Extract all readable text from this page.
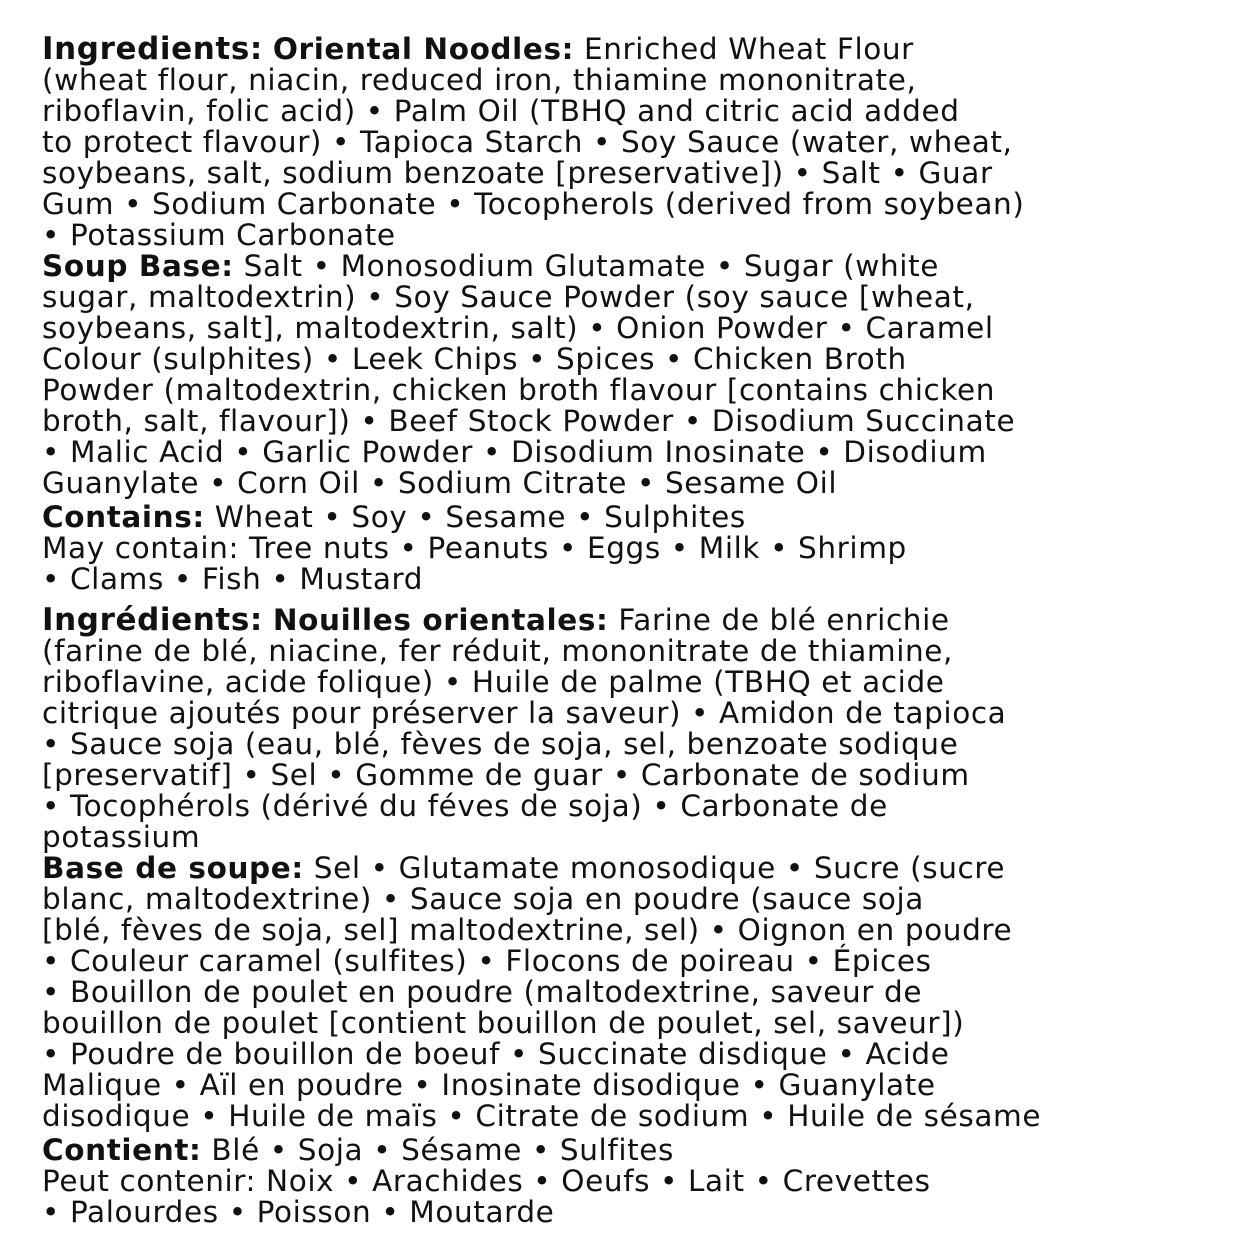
Ingredients: Oriental Noodles: Enriched Wheat Flour
(wheat flour, niacin, reduced iron, thiamine mononitrate,
riboflavin, folic acid) • Palm Oil (TBHQ and citric acid added
to protect flavour) • Tapioca Starch • Soy Sauce (water, wheat,
soybeans, salt, sodium benzoate [preservative]) • Salt • Guar
Gum • Sodium Carbonate • Tocopherols (derived from soybean)
• Potassium Carbonate

Soup Base: Salt • Monosodium Glutamate • Sugar (white
sugar, maltodextrin) • Soy Sauce Powder (soy sauce [wheat,
soybeans, salt], maltodextrin, salt) • Onion Powder • Caramel
Colour (sulphites) • Leek Chips • Spices • Chicken Broth
Powder (maltodextrin, chicken broth flavour [contains chicken
broth, salt, flavour]) • Beef Stock Powder • Disodium Succinate
• Malic Acid • Garlic Powder • Disodium Inosinate • Disodium
Guanylate • Corn Oil • Sodium Citrate • Sesame Oil

Contains: Wheat • Soy • Sesame • Sulphites
May contain: Tree nuts • Peanuts • Eggs • Milk • Shrimp
• Clams • Fish • Mustard

Ingrédients: Nouilles orientales: Farine de blé enrichie
(farine de blé, niacine, fer réduit, mononitrate de thiamine,
riboflavine, acide folique) • Huile de palme (TBHQ et acide
citrique ajoutés pour préserver la saveur) • Amidon de tapioca
• Sauce soja (eau, blé, fèves de soja, sel, benzoate sodique
[preservatif] • Sel • Gomme de guar • Carbonate de sodium
• Tocophérols (dérivé du féves de soja) • Carbonate de
potassium

Base de soupe: Sel • Glutamate monosodique • Sucre (sucre
blanc, maltodextrine) • Sauce soja en poudre (sauce soja
[blé, fèves de soja, sel] maltodextrine, sel) • Oignon en poudre
• Couleur caramel (sulfites) • Flocons de poireau • Épices
• Bouillon de poulet en poudre (maltodextrine, saveur de
bouillon de poulet [contient bouillon de poulet, sel, saveur])
• Poudre de bouillon de boeuf • Succinate disdique • Acide
Malique • Aïl en poudre • Inosinate disodique • Guanylate
disodique • Huile de maïs • Citrate de sodium • Huile de sésame

Contient: Blé • Soja • Sésame • Sulfites
Peut contenir: Noix • Arachides • Oeufs • Lait • Crevettes
• Palourdes • Poisson • Moutarde
